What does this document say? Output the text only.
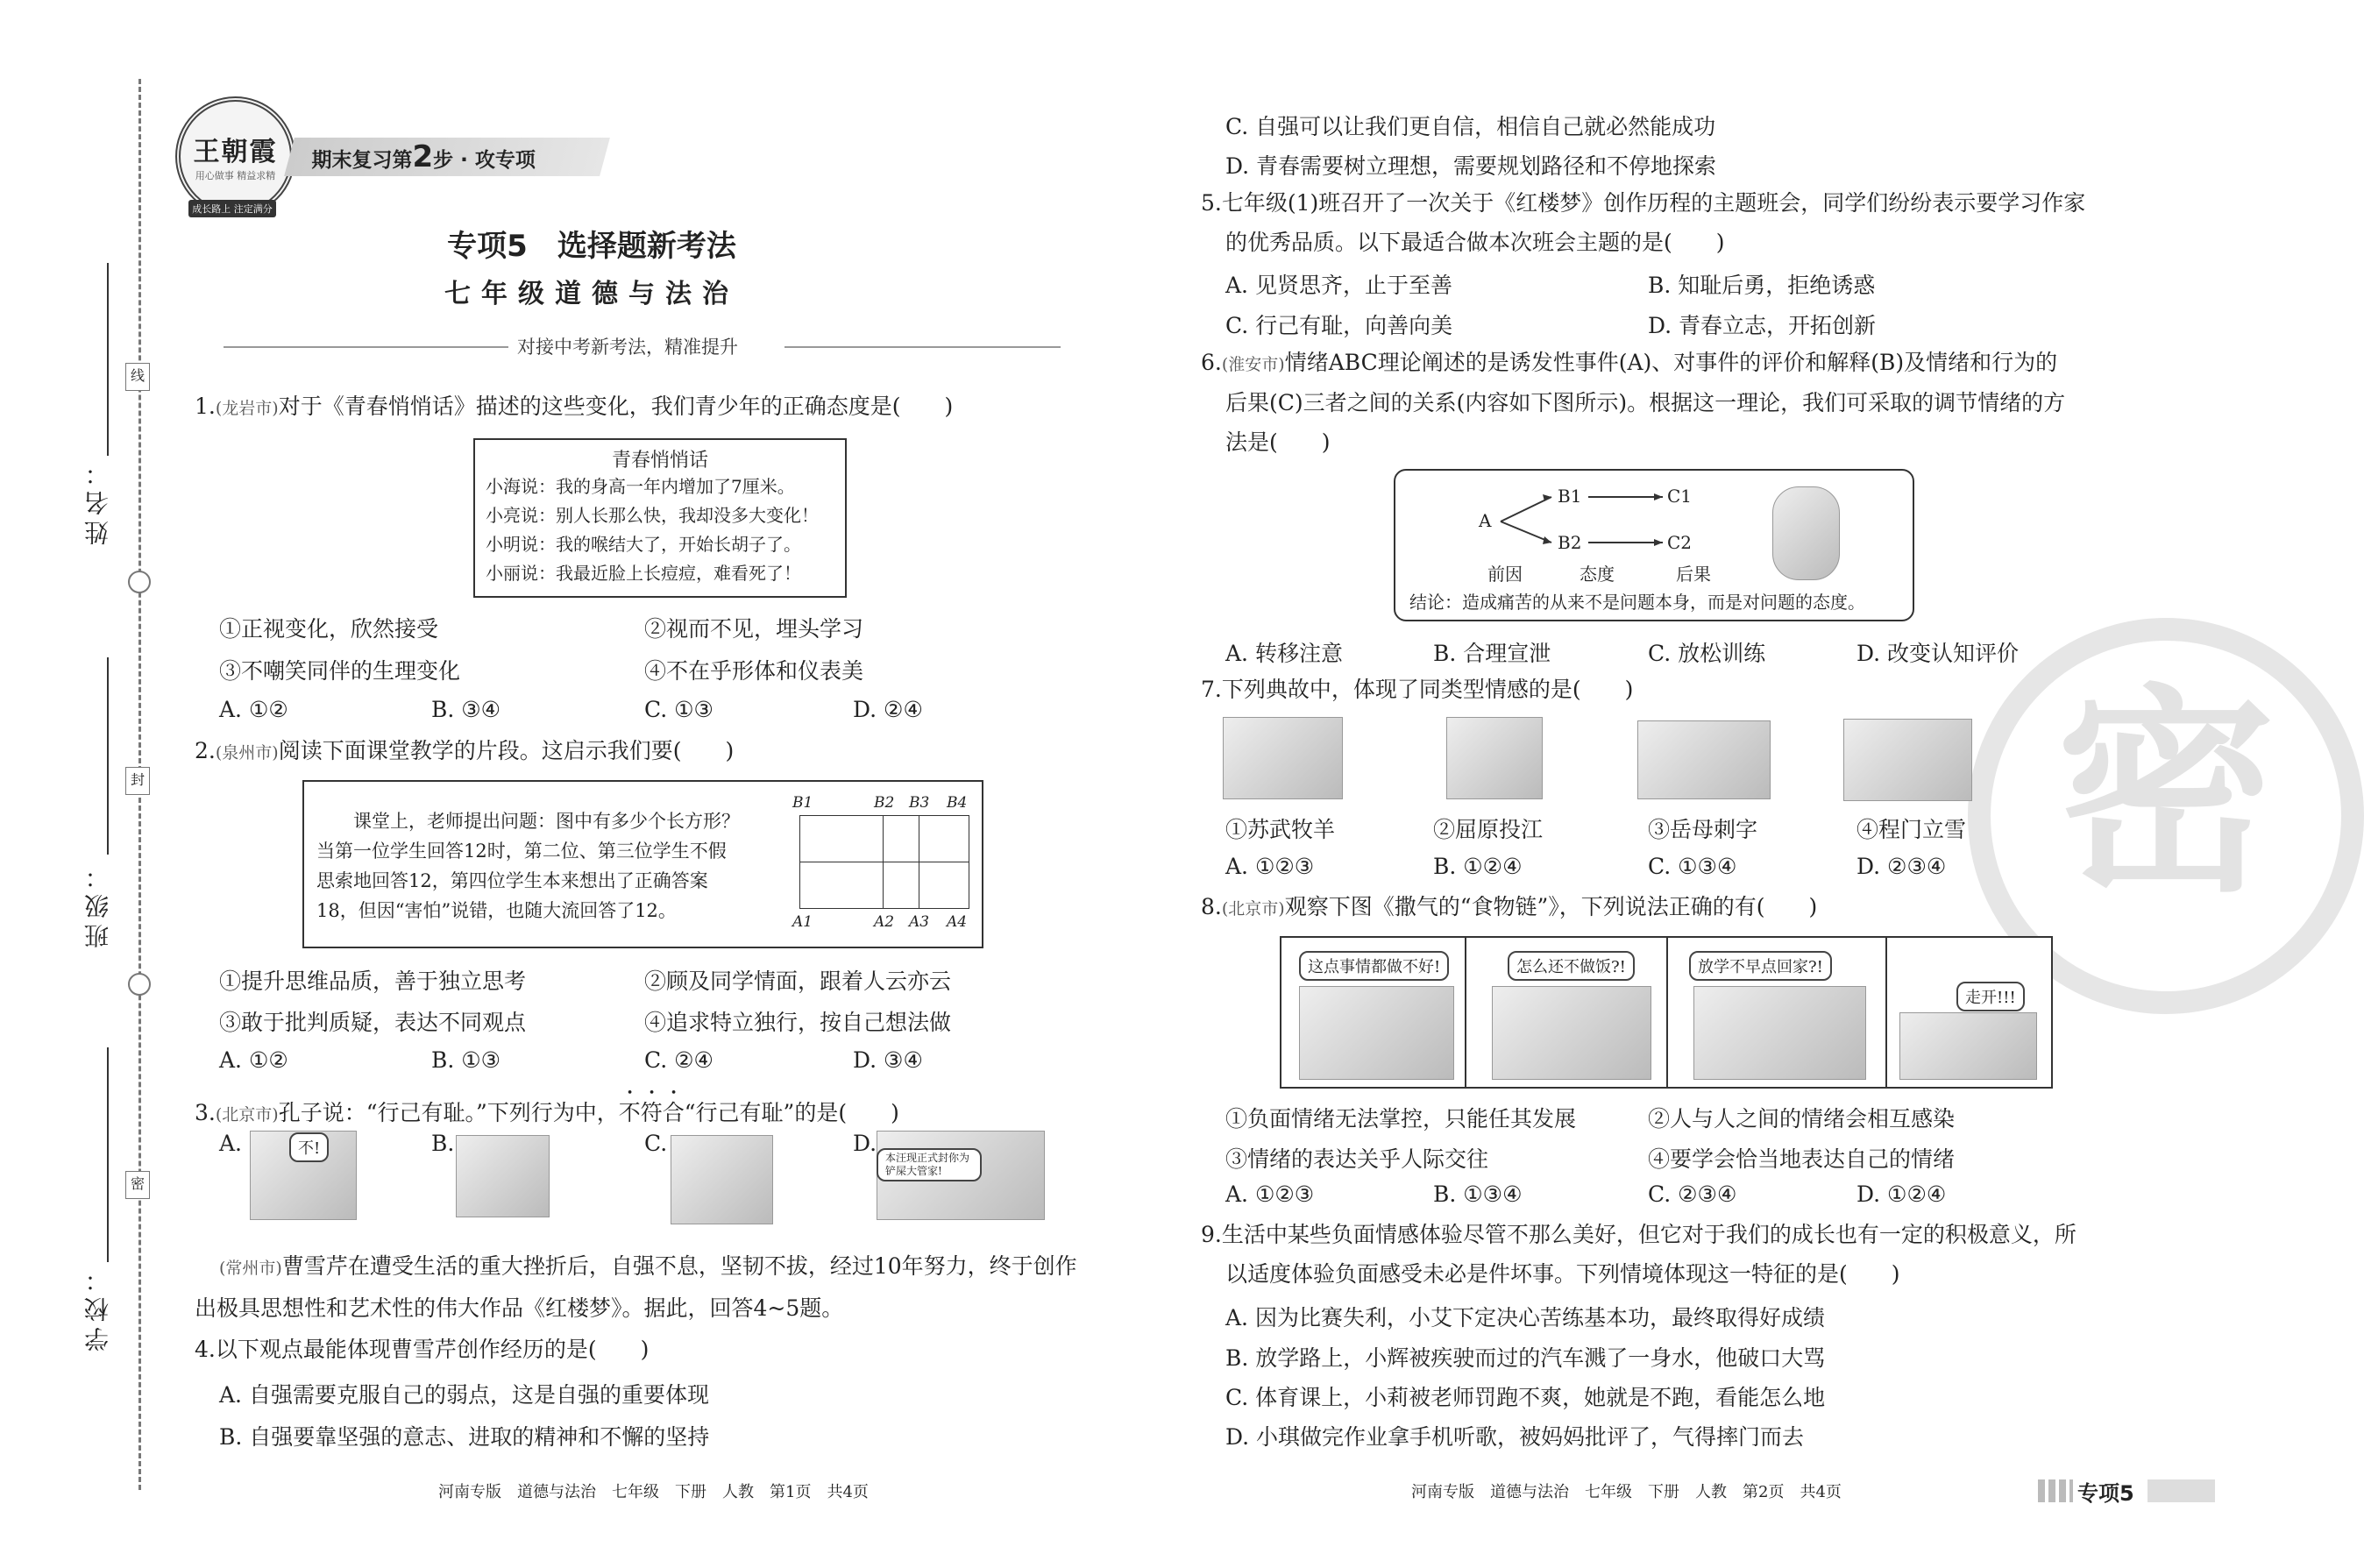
线
封
密
姓名：
班级：
学校：
王朝霞
用心做事 精益求精
成长路上 注定满分
期末复习第2步 · 攻专项
专项5　选择题新考法
七年级道德与法治
对接中考新考法，精准提升
1.(龙岩市)对于《青春悄悄话》描述的这些变化，我们青少年的正确态度是(　　)
青春悄悄话
小海说：我的身高一年内增加了7厘米。
小亮说：别人长那么快，我却没多大变化！
小明说：我的喉结大了，开始长胡子了。
小丽说：我最近脸上长痘痘，难看死了！
①正视变化，欣然接受	②视而不见，埋头学习
③不嘲笑同伴的生理变化	④不在乎形体和仪表美
A. ①②	B. ③④	C. ①③	D. ②④
2.(泉州市)阅读下面课堂教学的片段。这启示我们要(　　)
　　课堂上，老师提出问题：图中有多少个长方形？
当第一位学生回答12时，第二位、第三位学生不假
思索地回答12，第四位学生本来想出了正确答案
18，但因“害怕”说错，也随大流回答了12。
B1	B2 B3 B4
A1	A2 A3 A4
①提升思维品质，善于独立思考	②顾及同学情面，跟着人云亦云
③敢于批判质疑，表达不同观点	④追求特立独行，按自己想法做
A. ①②	B. ①③	C. ②④	D. ③④
3.(北京市)孔子说：“行己有耻。”下列行为中，不符合“行己有耻”的是(　　)
A.	不!	B.	C.	D.
本汪现正式封你为铲屎大管家!
(常州市)曹雪芹在遭受生活的重大挫折后，自强不息，坚韧不拔，经过10年努力，终于创作
出极具思想性和艺术性的伟大作品《红楼梦》。据此，回答4~5题。
4.以下观点最能体现曹雪芹创作经历的是(　　)
A. 自强需要克服自己的弱点，这是自强的重要体现
B. 自强要靠坚强的意志、进取的精神和不懈的坚持
河南专版　道德与法治　七年级　下册　人教　第1页　共4页
密
C. 自强可以让我们更自信，相信自己就必然能成功
D. 青春需要树立理想，需要规划路径和不停地探索
5.七年级(1)班召开了一次关于《红楼梦》创作历程的主题班会，同学们纷纷表示要学习作家
的优秀品质。以下最适合做本次班会主题的是(　　)
A. 见贤思齐，止于至善	B. 知耻后勇，拒绝诱惑
C. 行己有耻，向善向美	D. 青春立志，开拓创新
6.(淮安市)情绪ABC理论阐述的是诱发性事件(A)、对事件的评价和解释(B)及情绪和行为的
后果(C)三者之间的关系(内容如下图所示)。根据这一理论，我们可采取的调节情绪的方
法是(　　)
A
B1
B2
C1
C2
前因	态度	后果
结论：造成痛苦的从来不是问题本身，而是对问题的态度。
A. 转移注意	B. 合理宣泄	C. 放松训练	D. 改变认知评价
7.下列典故中，体现了同类型情感的是(　　)
①苏武牧羊	②屈原投江	③岳母刺字	④程门立雪
A. ①②③	B. ①②④	C. ①③④	D. ②③④
8.(北京市)观察下图《撒气的“食物链”》，下列说法正确的有(　　)
这点事情都做不好!	怎么还不做饭?!	放学不早点回家?!
走开!!!
①负面情绪无法掌控，只能任其发展	②人与人之间的情绪会相互感染
③情绪的表达关乎人际交往	④要学会恰当地表达自己的情绪
A. ①②③	B. ①③④	C. ②③④	D. ①②④
9.生活中某些负面情感体验尽管不那么美好，但它对于我们的成长也有一定的积极意义，所
以适度体验负面感受未必是件坏事。下列情境体现这一特征的是(　　)
A. 因为比赛失利，小艾下定决心苦练基本功，最终取得好成绩
B. 放学路上，小辉被疾驶而过的汽车溅了一身水，他破口大骂
C. 体育课上，小莉被老师罚跑不爽，她就是不跑，看能怎么地
D. 小琪做完作业拿手机听歌，被妈妈批评了，气得摔门而去
河南专版　道德与法治　七年级　下册　人教　第2页　共4页	专项5
